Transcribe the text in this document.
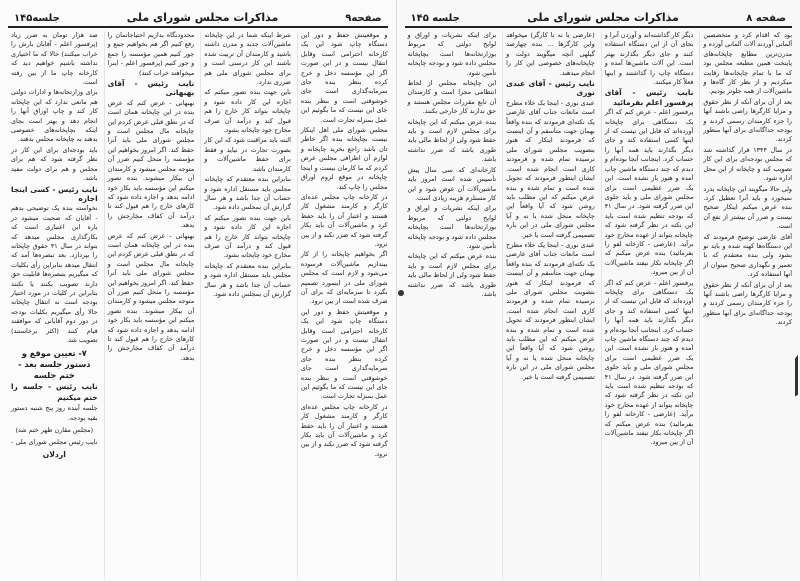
صفحه۹
مذاکرات مجلس شورای ملی
جلسه۱۴۵

و موقعیتش حفظ و دور این دستگاه چاپ شود این یک کارخانه احترامی است وقابل انتقال نیست و در این صورت اگر این مؤسسه دخل و خرج کرده بنظر بنده جای سرمایه‌گذاری است جای خوشوقتی است و بنظر بنده جای این نیست که ما بگوئیم این عمل بمنزله تجارت است.

مجلس شورای ملی اهل اینکار نیست بچاپخانه بنده اگر خاطر تان باشد راجع بخرید چاپخانه و لوازم آن اطرافی مجلس عرض کردم که ما کارمان نیست و اینجا چاپخانه در موقع لزوم اوراق مجلس را چاپ کند.

در کارخانه چاپ مجلس عده‌ای کارگر و کارمند مشغول کار هستند و اعتبار آن را باید حفظ کرد و ماشین‌آلات آن باید بکار گرفته شود که ضرر نکند و از بین نرود.

اگر بخواهیم چاپخانه را از کار بیندازیم ماشین‌آلات فرسوده می‌شود و لازم است که مجلس شورای ملی در اینمورد تصمیم بگیرد تا سرمایه‌ای که برای آن صرف شده است از بین نرود.

و موقعیتش حفظ و دور این دستگاه چاپ شود این یک کارخانه احترامی است وقابل انتقال نیست و در این صورت اگر این مؤسسه دخل و خرج کرده بنظر بنده جای سرمایه‌گذاری است جای خوشوقتی است و بنظر بنده جای این نیست که ما بگوئیم این عمل بمنزله تجارت است.

در کارخانه چاپ مجلس عده‌ای کارگر و کارمند مشغول کار هستند و اعتبار آن را باید حفظ کرد و ماشین‌آلات آن باید بکار گرفته شود که ضرر نکند و از بین نرود.

شرط اینکه شما در این چاپخانه ماشین‌آلات جدید و مدرن داشته باشید و کارمندان آن تربیت شده باشند این کار درستی است و برای مجلس شورای ملی هم ضرری ندارد.

باین جهت بنده تصور میکنم که اجازه این کار داده شود و چاپخانه بتواند کار خارج را هم قبول کند و درآمد آن صرف مخارج خود چاپخانه بشود.

البته باید مراقبت شود که این کار بصورت تجارت در نیاید و فقط برای حفظ ماشین‌آلات و کارمندان باشد.

بنابراین بنده معتقدم که چاپخانه مجلس باید مستقل اداره شود و حساب آن جدا باشد و هر سال گزارش آن بمجلس داده شود.

باین جهت بنده تصور میکنم که اجازه این کار داده شود و چاپخانه بتواند کار خارج را هم قبول کند و درآمد آن صرف مخارج خود چاپخانه بشود.

بنابراین بنده معتقدم که چاپخانه مجلس باید مستقل اداره شود و حساب آن جدا باشد و هر سال گزارش آن بمجلس داده شود.

محدودنگاه بداریم احتیاجاتمان را رفع کنیم اگر هم بخواهیم جمع و جور کنیم همین مؤسسه را جمع و جور کنیم (پرفسور اعلم - اینرا میخواهند خراب کنند)

نایب رئیس - آقای بهبهانی

بهبهانی - عرض کنم که عرض بنده در این چاپخانه همان است که در نطق قبلی عرض کردم این چاپخانه مال مجلس است و مجلس شورای ملی باید آنرا حفظ کند. اگر امروز بخواهیم این مؤسسه را منحل کنیم ضرر آن متوجه مجلس میشود و کارمندان آن بیکار میشوند. بنده تصور میکنم این مؤسسه باید بکار خود ادامه بدهد و اجازه داده شود که کارهای خارج را هم قبول کند تا درآمد آن کفاف مخارجش را بدهد.

بهبهانی - عرض کنم که عرض بنده در این چاپخانه همان است که در نطق قبلی عرض کردم این چاپخانه مال مجلس است و مجلس شورای ملی باید آنرا حفظ کند. اگر امروز بخواهیم این مؤسسه را منحل کنیم ضرر آن متوجه مجلس میشود و کارمندان آن بیکار میشوند. بنده تصور میکنم این مؤسسه باید بکار خود ادامه بدهد و اجازه داده شود که کارهای خارج را هم قبول کند تا درآمد آن کفاف مخارجش را بدهد.

صد هزار تومان به ضرر زیاد (پرفسور اعلم - آقایان بارش را خراب میکنند) حالا که ما اختیاری نداشته باشیم خواهیم دید که کارخانه چاپ ما از بین رفته است.

برای وزارتخانه‌ها و ادارات دولتی هم مانعی ندارد که این چاپخانه کار کند و چاپ اوراق آنها را انجام دهد و بهتر است بجای اینکه بچاپخانه‌های خصوصی بدهند به چاپخانه مجلس بدهند.

باید بودجه‌ای برای این کار در نظر گرفته شود که هم برای مجلس و هم برای دولت مفید باشد.

نایب رئیس - کسی اینجا اجازه

نخواسته بنده یک توضیحی بدهم - آقایان که صحبت میشود در باره ابن اعتباری است که بکارگذاری مجلس میدهد که بتواند در سال ۴۱ حقوق چاپخانه را بپردازد. بعد تبصره‌ها آمد که انتقال میدهد بنابراین رأی بکلیات که میگیریم بتبصره‌ها قابلیت حق دارند تصویب بکنند یا نکنند بنابراین در کلیات در مورد اختیار بودجه است نه انتقال چاپخانه حالا رأی میگیریم بکلیات بودجه در دور دوم آقایانی که موافقند قیام کنند (اکثر برخاستند) تصویب شد.

۷- تعیین موقع و دستور جلسه بعد - ختم جلسه

نایب رئیس - جلسه را ختم میکنیم

جلسه آینده روز پنج شنبه دستور بقیه بودجه.

(مجلس مقارن ظهر ختم شد)

نایب رئیس مجلس شورای ملی -

اردلان

صفحه ۸
مذاکرات مجلس شورای ملی
جلسه ۱۴۵

بود که اقدام کرد و متخصصین آلمانی آوردند آلات آلمانی آورده و مدرن‌ترین مطابع چاپخانه‌های پایتخت همین مطبعه مجلس بود که ما با تمام چاپخانه‌ها رقابت میکردیم و از نظر کار گاه‌ها و ماشین‌آلات از همه جلوتر بودیم.

بعد از آن برای آنکه از نظر حقوق و مزایا کارگرها راضی باشند آنها را جزء کارمندان رسمی کردند و بودجه جداگانه‌ای برای آنها منظور کردند.

در سال ۱۳۴۴ قرار گذاشته شد که مجلس بودجه‌ای برای این کار تصویب کند و چاپخانه از این محل اداره شود.

ولی حالا میگویند این چاپخانه بدرد نمیخورد و باید آنرا تعطیل کرد. بنده عرض میکنم اینکار صحیح نیست و ضرر آن بیشتر از نفع آن است.

آقای عارضی توضیح فرمودند که این دستگاه‌ها کهنه شده و باید نو بشود ولی بنده معتقدم که با تعمیر و نگهداری صحیح میتوان از آنها استفاده کرد.

بعد از آن برای آنکه از نظر حقوق و مزایا کارگرها راضی باشند آنها را جزء کارمندان رسمی کردند و بودجه جداگانه‌ای برای آنها منظور کردند.

دیگر کار گذاشته‌اند و آوردن آنرا و بجای آن از این دستگاه استفاده کنند و جای دیگر بگذارند بهتر است. این آلات ماشین‌ها آمده و دستگاه چاپ را گذاشتند و اینها فعلاً کار میکنند.

نایب رئیس - آقای پرفسور اعلم بفرمائید

پرفسور اعلم - عرض کنم که اگر یک دستگاهی برای چاپخانه آورده‌اند که قابل این نیست که از اینها کسی استفاده کند و جای دیگر بگذارند باید همه آنها را حساب کرد. اینجانب آنجا بوده‌ام و دیدم که چند دستگاه ماشین چاپ آمده و هنوز باز نشده است. این یک ضرر عظیمی است برای مجلس شورای ملی و باید جلوی این ضرر گرفته شود. در سال ۴۱ که بودجه تنظیم شده است باید این نکته در نظر گرفته شود که چاپخانه بتواند از عهده مخارج خود برآید. (عارضی - کارخانه لفو را بفرمائید) بنده عرض میکنم که اگر چاپخانه بکار نیفتد ماشین‌آلات آن از بین میرود.

پرفسور اعلم - عرض کنم که اگر یک دستگاهی برای چاپخانه آورده‌اند که قابل این نیست که از اینها کسی استفاده کند و جای دیگر بگذارند باید همه آنها را حساب کرد. اینجانب آنجا بوده‌ام و دیدم که چند دستگاه ماشین چاپ آمده و هنوز باز نشده است. این یک ضرر عظیمی است برای مجلس شورای ملی و باید جلوی این ضرر گرفته شود. در سال ۴۱ که بودجه تنظیم شده است باید این نکته در نظر گرفته شود که چاپخانه بتواند از عهده مخارج خود برآید. (عارضی - کارخانه لفو را بفرمائید) بنده عرض میکنم که اگر چاپخانه بکار نیفتد ماشین‌آلات آن از بین میرود.

(عارضی یا نه تا کارگر) میخواهد واین کارگرها ... بنده چهارصد گیلهی آنچه میگویند دولت و چاپخانه‌های خصوصی این کار را انجام میدهند.

نایب رئیس - آقای عبدی نوری

عبدی نوری - اینجا یک خلاء مطرح است مانعات جناب آقای عارضی یک نکته‌ای فرمودند که بنده واقعاً بهمان جهت متأسفم و آن اینست که فرمودند اینکار که هنوز بتصویب مجلس شورای ملی نرسیده تمام شده و فرمودند کاری است انجام شده است. ایشان اینطور فرمودند که تحویل شده است و تمام شده و بنده عرض میکنم که این مطلب باید روشن شود که آیا واقعاً این چاپخانه منحل شده یا نه و آیا مجلس شورای ملی در این باره تصمیمی گرفته است یا خیر.

عبدی نوری - اینجا یک خلاء مطرح است مانعات جناب آقای عارضی یک نکته‌ای فرمودند که بنده واقعاً بهمان جهت متأسفم و آن اینست که فرمودند اینکار که هنوز بتصویب مجلس شورای ملی نرسیده تمام شده و فرمودند کاری است انجام شده است. ایشان اینطور فرمودند که تحویل شده است و تمام شده و بنده عرض میکنم که این مطلب باید روشن شود که آیا واقعاً این چاپخانه منحل شده یا نه و آیا مجلس شورای ملی در این باره تصمیمی گرفته است یا خیر.

برای اینکه نشریات و اوراق و لوایح دولتی که مربوط بوزارتخانه‌ها است بچاپخانه مجلس داده شود و بودجه چاپخانه تأمین شود.

این چاپخانه مجلس از لحاظ انتظامی مجزا است و کارمندان آن تابع مقررات مجلس هستند و حق ندارند کار خارجی بکنند.

بنده عرض میکنم که این چاپخانه برای مجلس لازم است و باید حفظ شود ولی از لحاظ مالی باید طوری باشد که ضرر نداشته باشد.

کارخانه‌ای که سی سال پیش تأسیس شده است امروز باید ماشین‌آلات آن عوض شود و این کار مستلزم هزینه زیادی است.

برای اینکه نشریات و اوراق و لوایح دولتی که مربوط بوزارتخانه‌ها است بچاپخانه مجلس داده شود و بودجه چاپخانه تأمین شود.

بنده عرض میکنم که این چاپخانه برای مجلس لازم است و باید حفظ شود ولی از لحاظ مالی باید طوری باشد که ضرر نداشته باشد.
